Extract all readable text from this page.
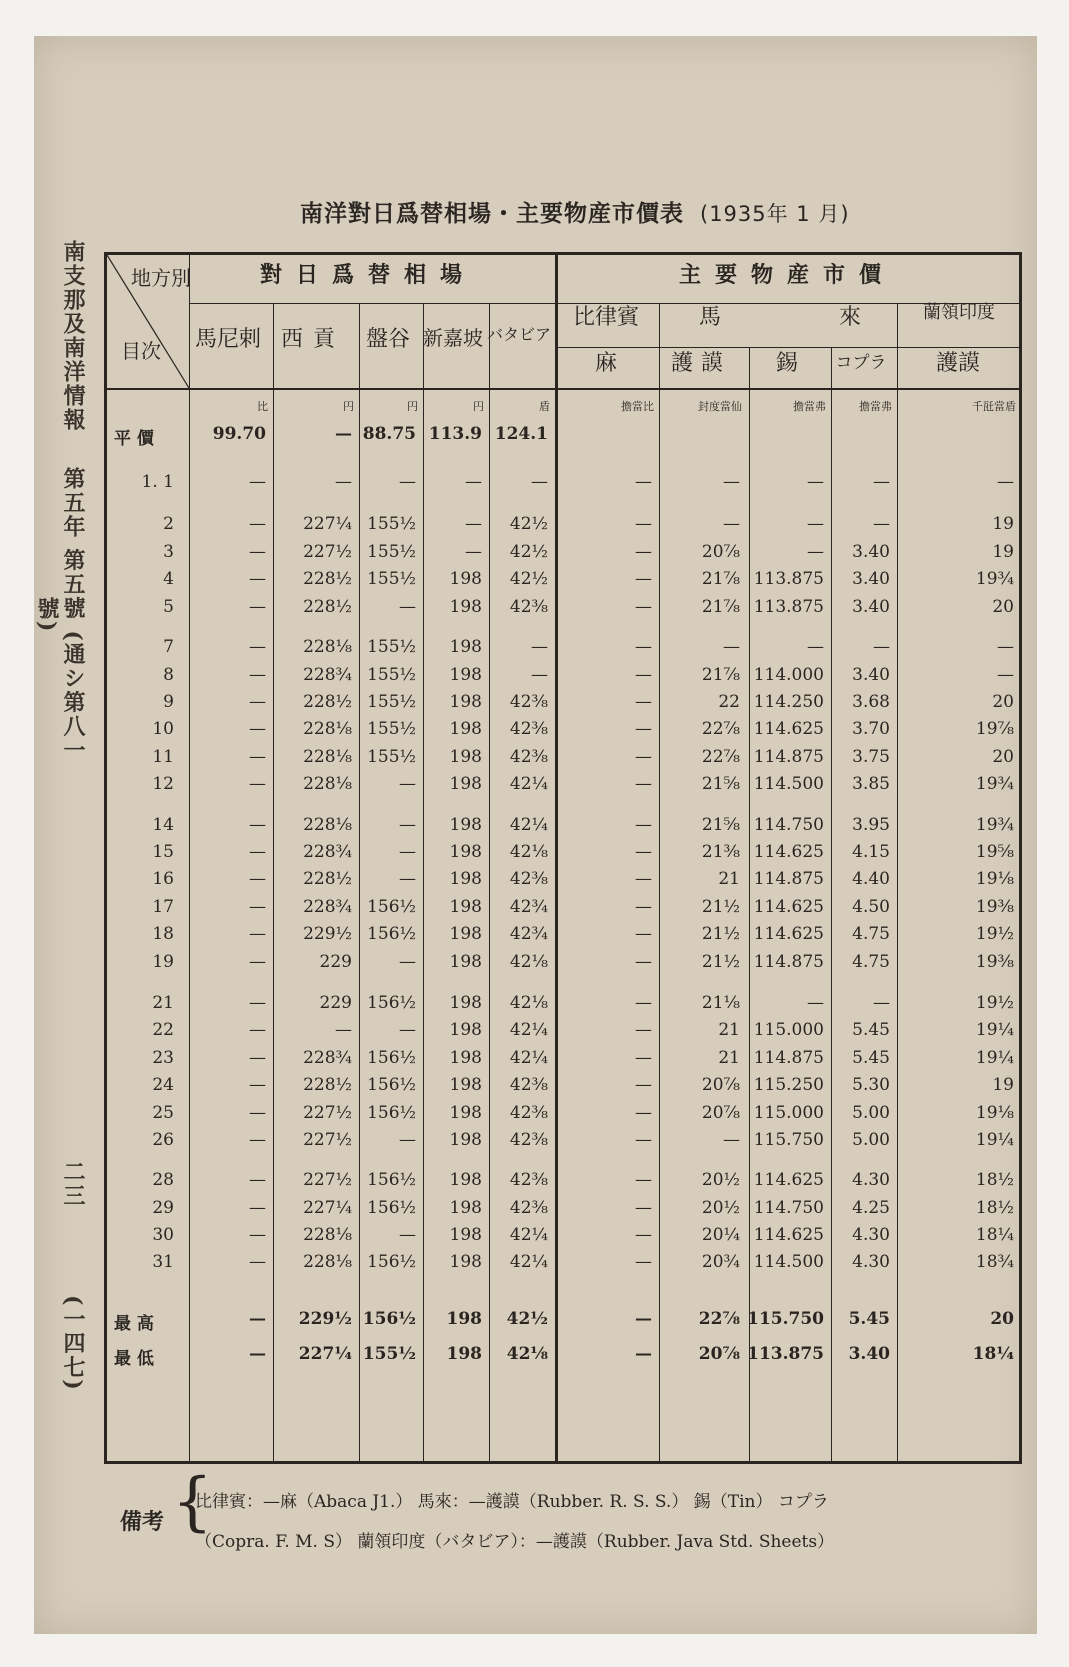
南支那及南洋情報
第五年 第五號 (通シ第八一號)
二三
(一四七)
南洋對日爲替相場・主要物産市價表 (1935年 1 月)
地方別
目次
對日爲替相場	主要物産市價
馬尼剌 西貢 盤谷 新嘉坡 バタビア
比律賓	馬	來	蘭領印度
麻	護謨	錫	コプラ	護謨
比	円	円	円	盾	擔當比	封度當仙	擔當弗	擔當弗	千瓩當盾
平 價	99.70	— 88.75 113.9 124.1
1. 1	—	—	—	—	—	—	—	—	—	—
2	—	227¼ 155½	—	42½	—	—	—	—	19
3	—	227½ 155½	—	42½	—	20⅞	—	3.40	19
4	—	228½ 155½	198	42½	—	21⅞ 113.875	3.40	19¾
5	—	228½	—	198	42⅜	—	21⅞ 113.875	3.40	20
7	—	228⅛ 155½	198	—	—	—	—	—	—
8	—	228¾ 155½	198	—	—	21⅞ 114.000	3.40	—
9	—	228½ 155½	198	42⅜	—	22 114.250	3.68	20
10	—	228⅛ 155½	198	42⅜	—	22⅞ 114.625	3.70	19⅞
11	—	228⅛ 155½	198	42⅜	—	22⅞ 114.875	3.75	20
12	—	228⅛	—	198	42¼	—	21⅝ 114.500	3.85	19¾
14	—	228⅛	—	198	42¼	—	21⅝ 114.750	3.95	19¾
15	—	228¾	—	198	42⅛	—	21⅜ 114.625	4.15	19⅝
16	—	228½	—	198	42⅜	—	21 114.875	4.40	19⅛
17	—	228¾ 156½	198	42¾	—	21½ 114.625	4.50	19⅜
18	—	229½ 156½	198	42¾	—	21½ 114.625	4.75	19½
19	—	229	—	198	42⅛	—	21½ 114.875	4.75	19⅜
21	—	229 156½	198	42⅛	—	21⅛	—	—	19½
22	—	—	—	198	42¼	—	21 115.000	5.45	19¼
23	—	228¾ 156½	198	42¼	—	21 114.875	5.45	19¼
24	—	228½ 156½	198	42⅜	—	20⅞ 115.250	5.30	19
25	—	227½ 156½	198	42⅜	—	20⅞ 115.000	5.00	19⅛
26	—	227½	—	198	42⅜	—	— 115.750	5.00	19¼
28	—	227½ 156½	198	42⅜	—	20½ 114.625	4.30	18½
29	—	227¼ 156½	198	42⅜	—	20½ 114.750	4.25	18½
30	—	228⅛	—	198	42¼	—	20¼ 114.625	4.30	18¼
31	—	228⅛ 156½	198	42¼	—	20¾ 114.500	4.30	18¾
最 高	—	229½ 156½	198	42½	—	22⅞ 115.750	5.45	20
最 低	—	227¼ 155½	198	42⅛	—	20⅞ 113.875	3.40	18¼
備考 {
比律賓：—麻（Abaca J1.） 馬來：—護謨（Rubber. R. S. S.） 錫（Tin） コプラ
（Copra. F. M. S） 蘭領印度（バタビア）：—護謨（Rubber. Java Std. Sheets）
